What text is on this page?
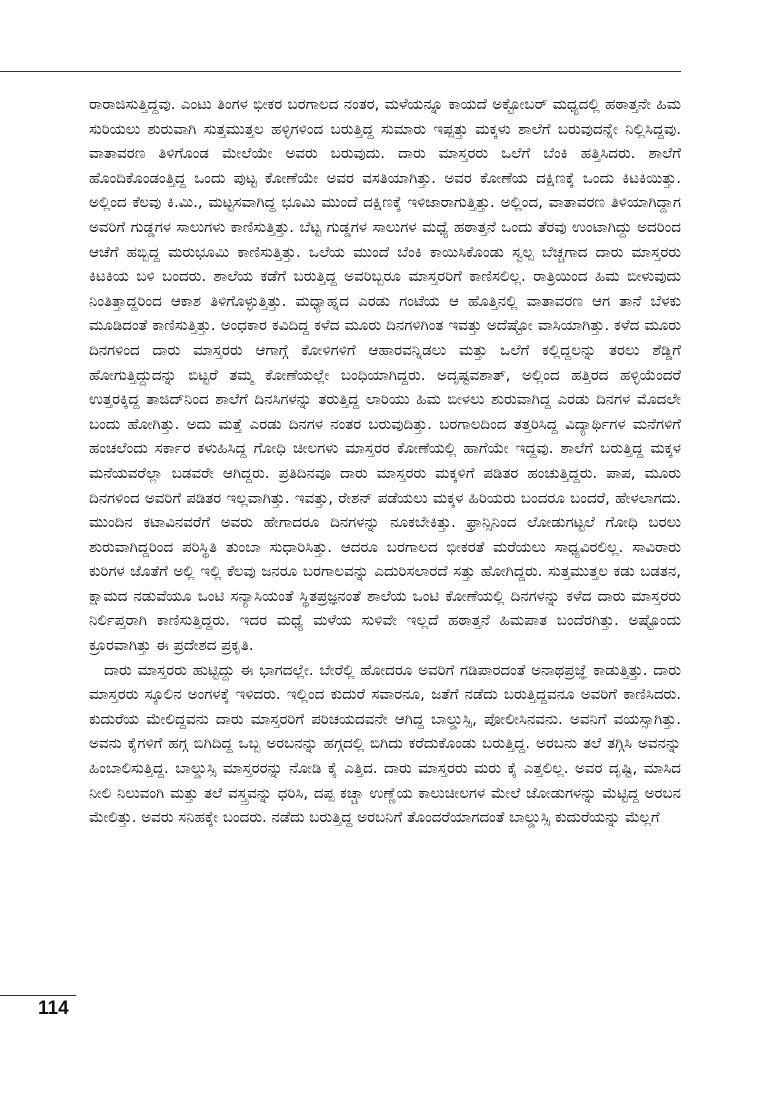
ರಾರಾಜಿಸುತ್ತಿದ್ದವು. ಎಂಟು ತಿಂಗಳ ಭೀಕರ ಬರಗಾಲದ ನಂತರ, ಮಳೆಯನ್ನೂ ಕಾಯದೆ ಅಕ್ಟೋಬರ್ ಮಧ್ಯದಲ್ಲಿ ಹಠಾತ್ತನೇ ಹಿಮ ಸುರಿಯಲು ಶುರುವಾಗಿ ಸುತ್ತಮುತ್ತಲ ಹಳ್ಳಿಗಳಿಂದ ಬರುತ್ತಿದ್ದ ಸುಮಾರು ಇಪ್ಪತ್ತು ಮಕ್ಕಳು ಶಾಲೆಗೆ ಬರುವುದನ್ನೇ ನಿಲ್ಲಿಸಿದ್ದವು. ವಾತಾವರಣ ತಿಳಿಗೊಂಡ ಮೇಲೆಯೇ ಅವರು ಬರುವುದು. ದಾರು ಮಾಸ್ತರರು ಒಲೆಗೆ ಬೆಂಕಿ ಹತ್ತಿಸಿದರು. ಶಾಲೆಗೆ ಹೊಂದಿಕೊಂಡಂತ್ತಿದ್ದ ಒಂದು ಪುಟ್ಟ ಕೋಣೆಯೇ ಅವರ ವಸತಿಯಾಗಿತ್ತು. ಅವರ ಕೋಣೆಯ ದಕ್ಷಿಣಕ್ಕೆ ಒಂದು ಕಿಟಕಿಯಿತ್ತು. ಅಲ್ಲಿಂದ ಕೆಲವು ಕಿ.ಮಿ., ಮಟ್ಟಸವಾಗಿದ್ದ ಭೂಮಿ ಮುಂದೆ ದಕ್ಷಿಣಕ್ಕೆ ಇಳಿಜಾರಾಗುತ್ತಿತ್ತು. ಅಲ್ಲಿಂದ, ವಾತಾವರಣ ತಿಳಿಯಾಗಿದ್ದಾಗ ಅವರಿಗೆ ಗುಡ್ಡಗಳ ಸಾಲುಗಳು ಕಾಣಿಸುತ್ತಿತ್ತು. ಬೆಟ್ಟ ಗುಡ್ಡಗಳ ಸಾಲುಗಳ ಮಧ್ಯೆ ಹಠಾತ್ತನೆ ಒಂದು ತೆರವು ಉಂಟಾಗಿದ್ದು ಅದರಿಂದ ಆಚೆಗೆ ಹಬ್ಬಿದ್ದ ಮರುಭೂಮಿ ಕಾಣಿಸುತ್ತಿತ್ತು. ಒಲೆಯ ಮುಂದೆ ಬೆಂಕಿ ಕಾಯಿಸಿಕೊಂಡು ಸ್ವಲ್ಪ ಬೆಚ್ಚಗಾದ ದಾರು ಮಾಸ್ತರರು ಕಿಟಕಿಯ ಬಳಿ ಬಂದರು. ಶಾಲೆಯ ಕಡೆಗೆ ಬರುತ್ತಿದ್ದ ಅವರಿಬ್ಬರೂ ಮಾಸ್ತರರಿಗೆ ಕಾಣಿಸಲಿಲ್ಲ. ರಾತ್ರಿಯಿಂದ ಹಿಮ ಬೀಳುವುದು ನಿಂತಿತ್ತಾದ್ದರಿಂದ ಆಕಾಶ ತಿಳಿಗೊಳ್ಳುತ್ತಿತ್ತು. ಮಧ್ಯಾಹ್ನದ ಎರಡು ಗಂಟೆಯ ಆ ಹೊತ್ತಿನಲ್ಲಿ ವಾತಾವರಣ ಆಗ ತಾನೆ ಬೆಳಕು ಮೂಡಿದಂತೆ ಕಾಣಿಸುತ್ತಿತ್ತು. ಅಂಧಕಾರ ಕವಿದಿದ್ದ ಕಳೆದ ಮೂರು ದಿನಗಳಿಗಿಂತ ಇವತ್ತು ಅದೆಷ್ಟೋ ವಾಸಿಯಾಗಿತ್ತು. ಕಳೆದ ಮೂರು ದಿನಗಳಿಂದ ದಾರು ಮಾಸ್ತರರು ಆಗಾಗ್ಗೆ ಕೋಳಿಗಳಿಗೆ ಆಹಾರವನ್ನಿಡಲು ಮತ್ತು ಒಲೆಗೆ ಕಲ್ಲಿದ್ದಲನ್ನು ತರಲು ಶೆಡ್ಡಿಗೆ ಹೋಗುತ್ತಿದ್ದುದನ್ನು ಬಿಟ್ಟರೆ ತಮ್ಮ ಕೋಣೆಯಲ್ಲೇ ಬಂಧಿಯಾಗಿದ್ದರು. ಅದೃಷ್ಟವಶಾತ್, ಅಲ್ಲಿಂದ ಹತ್ತಿರದ ಹಳ್ಳಿಯೆಂದರೆ ಉತ್ತರಕ್ಕಿದ್ದ ತಾಜಿದ್‌ನಿಂದ ಶಾಲೆಗೆ ದಿನಸಿಗಳನ್ನು ತರುತ್ತಿದ್ದ ಲಾರಿಯು ಹಿಮ ಬೀಳಲು ಶುರುವಾಗಿದ್ದ ಎರಡು ದಿನಗಳ ಮೊದಲೇ ಬಂದು ಹೋಗಿತ್ತು. ಅದು ಮತ್ತೆ ಎರಡು ದಿನಗಳ ನಂತರ ಬರುವುದಿತ್ತು. ಬರಗಾಲದಿಂದ ತತ್ತರಿಸಿದ್ದ ವಿದ್ಯಾರ್ಥಿಗಳ ಮನೆಗಳಿಗೆ ಹಂಚಲೆಂದು ಸರ್ಕಾರ ಕಳುಹಿಸಿದ್ದ ಗೋಧಿ ಚೀಲಗಳು ಮಾಸ್ತರರ ಕೋಣೆಯಲ್ಲಿ ಹಾಗೆಯೇ ಇದ್ದವು. ಶಾಲೆಗೆ ಬರುತ್ತಿದ್ದ ಮಕ್ಕಳ ಮನೆಯವರೆಲ್ಲಾ ಬಡವರೇ ಆಗಿದ್ದರು. ಪ್ರತಿದಿನವೂ ದಾರು ಮಾಸ್ತರರು ಮಕ್ಕಳಿಗೆ ಪಡಿತರ ಹಂಚುತ್ತಿದ್ದರು. ಪಾಪ, ಮೂರು ದಿನಗಳಿಂದ ಅವರಿಗೆ ಪಡಿತರ ಇಲ್ಲವಾಗಿತ್ತು. ಇವತ್ತು, ರೇಶನ್ ಪಡೆಯಲು ಮಕ್ಕಳ ಹಿರಿಯರು ಬಂದರೂ ಬಂದರೆ, ಹೇಳಲಾಗದು. ಮುಂದಿನ ಕಟಾವಿನವರೆಗೆ ಅವರು ಹೇಗಾದರೂ ದಿನಗಳನ್ನು ನೂಕಬೇಕಿತ್ತು. ಫ್ರಾನ್ಸಿನಿಂದ ಲೋಡುಗಟ್ಟಲೆ ಗೋಧಿ ಬರಲು ಶುರುವಾಗಿದ್ದರಿಂದ ಪರಿಸ್ಥಿತಿ ತುಂಬಾ ಸುಧಾರಿಸಿತ್ತು. ಆದರೂ ಬರಗಾಲದ ಭೀಕರತೆ ಮರೆಯಲು ಸಾಧ್ಯವಿರಲಿಲ್ಲ. ಸಾವಿರಾರು ಕುರಿಗಳ ಜೊತೆಗೆ ಅಲ್ಲಿ ಇಲ್ಲಿ ಕೆಲವು ಜನರೂ ಬರಗಾಲವನ್ನು ಎದುರಿಸಲಾರದೆ ಸತ್ತು ಹೋಗಿದ್ದರು. ಸುತ್ತಮುತ್ತಲ ಕಡು ಬಡತನ, ಕ್ಷಾಮದ ನಡುವೆಯೂ ಒಂಟಿ ಸನ್ಯಾಸಿಯಂತೆ ಸ್ಥಿತಪ್ರಜ್ಞನಂತೆ ಶಾಲೆಯ ಒಂಟಿ ಕೋಣೆಯಲ್ಲಿ ದಿನಗಳನ್ನು ಕಳೆದ ದಾರು ಮಾಸ್ತರರು ನಿರ್ಲಿಪ್ತರಾಗಿ ಕಾಣಿಸುತ್ತಿದ್ದರು. ಇದರ ಮಧ್ಯೆ ಮಳೆಯ ಸುಳಿವೇ ಇಲ್ಲದೆ ಹಠಾತ್ತನೆ ಹಿಮಪಾತ ಬಂದೆರಗಿತ್ತು. ಅಷ್ಟೊಂದು ಕ್ರೂರವಾಗಿತ್ತು ಈ ಪ್ರದೇಶದ ಪ್ರಕೃತಿ.

ದಾರು ಮಾಸ್ತರರು ಹುಟ್ಟಿದ್ದು ಈ ಭಾಗದಲ್ಲೇ. ಬೇರೆಲ್ಲಿ ಹೋದರೂ ಅವರಿಗೆ ಗಡಿಪಾರದಂತೆ ಅನಾಥಪ್ರಜ್ಞೆ ಕಾಡುತ್ತಿತ್ತು. ದಾರು ಮಾಸ್ತರರು ಸ್ಕೂಲಿನ ಅಂಗಳಕ್ಕೆ ಇಳಿದರು. ಇಲ್ಲಿಂದ ಕುದುರೆ ಸವಾರನೂ, ಜತೆಗೆ ನಡೆದು ಬರುತ್ತಿದ್ದವನೂ ಅವರಿಗೆ ಕಾಣಿಸಿದರು. ಕುದುರೆಯ ಮೇಲಿದ್ದವನು ದಾರು ಮಾಸ್ತರರಿಗೆ ಪರಿಚಯದವನೇ ಆಗಿದ್ದ ಬಾಲ್ಡುಸ್ಸಿ, ಪೋಲೀಸಿನವನು. ಅವನಿಗೆ ವಯಸ್ಸಾಗಿತ್ತು. ಅವನು ಕೈಗಳಿಗೆ ಹಗ್ಗ ಬಿಗಿದಿದ್ದ ಒಬ್ಬ ಅರಬನನ್ನು ಹಗ್ಗದಲ್ಲಿ ಬಿಗಿದು ಕರೆದುಕೊಂಡು ಬರುತ್ತಿದ್ದ. ಅರಬನು ತಲೆ ತಗ್ಗಿಸಿ ಅವನನ್ನು ಹಿಂಬಾಲಿಸುತ್ತಿದ್ದ. ಬಾಲ್ಡುಸ್ಸಿ ಮಾಸ್ತರರನ್ನು ನೋಡಿ ಕೈ ಎತ್ತಿದ. ದಾರು ಮಾಸ್ತರರು ಮರು ಕೈ ಎತ್ತಲಿಲ್ಲ. ಅವರ ದೃಷ್ಟಿ, ಮಾಸಿದ ನೀಲಿ ನಿಲುವಂಗಿ ಮತ್ತು ತಲೆ ವಸ್ತ್ರವನ್ನು ಧರಿಸಿ, ದಪ್ಪ ಕಚ್ಚಾ ಉಣ್ಣೆಯ ಕಾಲುಚೀಲಗಳ ಮೇಲೆ ಜೋಡುಗಳನ್ನು ಮೆಟ್ಟಿದ್ದ ಅರಬನ ಮೇಲಿತ್ತು. ಅವರು ಸನಿಹಕ್ಕೇ ಬಂದರು. ನಡೆದು ಬರುತ್ತಿದ್ದ ಅರಬನಿಗೆ ತೊಂದರೆಯಾಗದಂತೆ ಬಾಲ್ಡುಸ್ಸಿ ಕುದುರೆಯನ್ನು ಮೆಲ್ಲಗೆ

114
